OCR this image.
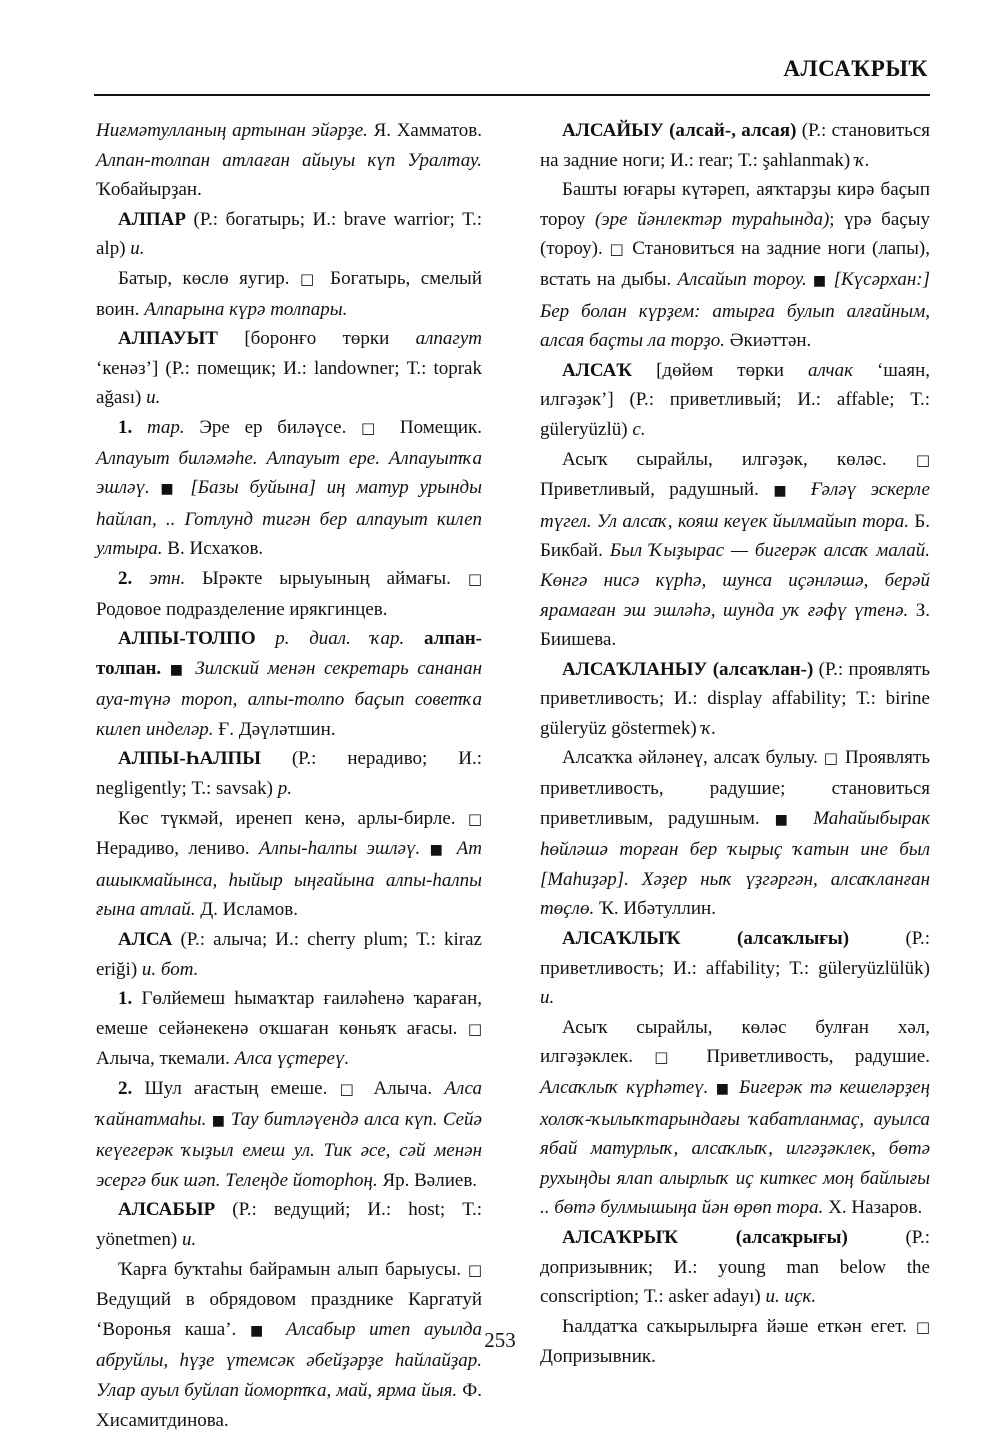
АЛСАҠРЫҠ

Ниғмәтулланың артынан эйәрҙе. Я. Хамматов. Алпан-толпан атлаған айыуы күп Уралтау. Ҡобайырҙан.

АЛПАР (Р.: богатырь; И.: brave warrior; Т.: alp) и.

Батыр, көслө яугир. □ Богатырь, смелый воин. Алпарына күрә толпары.

АЛПАУЫТ [боронғо төрки алпагут ‘кенәз’] (Р.: помещик; И.: landowner; Т.: toprak ağası) и.

1. тар. Эре ер биләүсе. □ Помещик. Алпауыт биләмәһе. Алпауыт ере. Алпауытҡа эшләү. ■ [Базы буйына] иң матур урынды һайлап, .. Готлунд тигән бер алпауыт килеп ултыра. В. Исхаҡов.

2. этн. Ырәкте ырыуының аймағы. □ Родовое подразделение ирякгинцев.

АЛПЫ-ТОЛПО р. диал. ҡар. алпан-толпан. ■ Зилский менән секретарь сананан ауа-түнә тороп, алпы-толпо баҫып советҡа килеп инделәр. Ғ. Дәүләтшин.

АЛПЫ-ҺАЛПЫ (Р.: нерадиво; И.: negligently; Т.: savsak) р.

Көс түкмәй, иренеп кенә, арлы-бирле. □ Нерадиво, лениво. Алпы-һалпы эшләү. ■ Ат ашыкмайынса, һыйыр ыңғайына алпы-һалпы ғына атлай. Д. Исламов.

АЛСА (Р.: алыча; И.: cherry plum; Т.: kiraz eriği) и. бот.

1. Гөлйемеш һымаҡтар ғаиләһенә ҡараған, емеше сейәнекенә оҡшаған көньяҡ ағасы. □ Алыча, ткемали. Алса үҫтереү.

2. Шул ағастың емеше. □ Алыча. Алса ҡайнатмаһы. ■ Тау битләүендә алса күп. Сейә кеүегерәк ҡыҙыл емеш ул. Тик әсе, сәй менән эсергә бик шәп. Телеңде йоторһоң. Яр. Вәлиев.

АЛСАБЫР (Р.: ведущий; И.: host; Т.: yönetmen) и.

Ҡарға буҡтаһы байрамын алып барыусы. □ Ведущий в обрядовом празднике Каргатуй ‘Воронья каша’. ■ Алсабыр итеп ауылда абруйлы, һүҙе үтемсәк әбейҙәрҙе һайлайҙар. Улар ауыл буйлап йомортҡа, май, ярма йыя. Ф. Хисамитдинова.

АЛСАЙЫУ (алсай-, алсая) (Р.: становиться на задние ноги; И.: rear; Т.: şahlanmak) ҡ.

Башты юғары күтәреп, аяҡтарҙы кирә баҫып тороу (эре йәнлектәр тураһында); үрә баҫыу (тороу). □ Становиться на задние ноги (лапы), встать на дыбы. Алсайып тороу. ■ [Күсәрхан:] Бер болан күрҙем: атырға булып алғайным, алсая баҫты ла торҙо. Әкиәттән.

АЛСАҠ [дөйөм төрки алчак ‘шаян, илгәҙәк’] (Р.: приветливый; И.: affable; Т.: güleryüzlü) с.

Асыҡ сырайлы, илгәҙәк, көләс. □ Приветливый, радушный. ■ Ғәләү эскерле түгел. Ул алсаҡ, кояш кеүек йылмайып тора. Б. Бикбай. Был Ҡыҙырас — бигерәк алсаҡ малай. Көнгә нисә күрһә, шунса иҫәнләшә, берәй ярамаған эш эшләһә, шунда уҡ ғәфү үтенә. З. Биишева.

АЛСАҠЛАНЫУ (алсаҡлан-) (Р.: проявлять приветливость; И.: display affability; Т.: birine güleryüz göstermek) ҡ.

Алсаҡҡа әйләнеү, алсаҡ булыу. □ Проявлять приветливость, радушие; становиться приветливым, радушным. ■ Маһайыбырак һөйләшә торған бер ҡырыҫ ҡатын ине был [Маһиҙәр]. Хәҙер ныҡ үҙгәргән, алсаҡланған төҫлө. Ҡ. Ибәтуллин.

АЛСАҠЛЫҠ (алсаҡлығы) (Р.: приветливость; И.: affability; Т.: güleryüzlülük) и.

Асыҡ сырайлы, көләс булған хәл, илгәҙәклек. □ Приветливость, радушие. Алсаҡлыҡ күрһәтеү. ■ Бигерәк тә кешеләрҙең холоҡ-ҡылыҡтарындағы ҡабатланмаҫ, ауылса ябай матурлыҡ, алсаҡлыҡ, илгәҙәклек, бөтә рухыңды ялап алырлыҡ иҫ киткес моң байлығы .. бөтә булмышыңа йән өрөп тора. Х. Назаров.

АЛСАҠРЫҠ (алсаҡрығы) (Р.: допризывник; И.: young man below the conscription; Т.: asker adayı) и. иҫк.

Һалдатҡа саҡырылырға йәше еткән егет. □ Допризывник.

253
